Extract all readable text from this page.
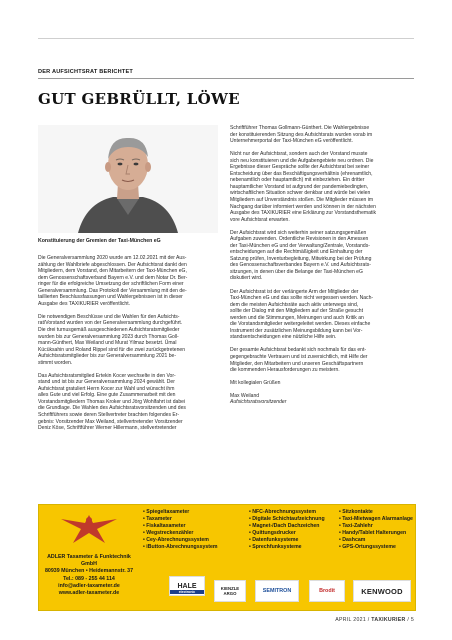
DER AUFSICHTSRAT BERICHTET
GUT GEBRÜLLT, LÖWE
Konstituierung der Gremien der Taxi-München eG

Die Generalversammlung 2020 wurde am 12.02.2021 mit der Aus-
zählung der Wahlbriefe abgeschlossen. Der Aufsichtsrat dankt den
Mitgliedern, dem Vorstand, den Mitarbeitern der Taxi-München eG,
dem Genossenschaftsverband Bayern e.V. und dem Notar Dr. Ber-
ringer für die erfolgreiche Umsetzung der schriftlichen Form einer
Generalversammlung. Das Protokoll der Versammlung mit den de-
taillierten Beschlussfassungen und Wahlergebnissen ist in dieser
Ausgabe des TAXIKURIER veröffentlicht.

Die notwendigen Beschlüsse und die Wahlen für den Aufsichts-
rat/Vorstand wurden von der Generalversammlung durchgeführt.
Die drei turnusgemäß ausgeschiedenen Aufsichtsratsmitglieder
wurden bis zur Generalversammlung 2023 durch Thomas Goll-
mann-Günthert, Max Weiland und Murat Yilmaz besetzt. Ümal
Kücüksahin und Roland Rippel sind für die zwei zurückgetretenen
Aufsichtsratsmitglieder bis zur Generalversammlung 2021 be-
stimmt worden.

Das Aufsichtsratsmitglied Ertekin Kocer wechselte in den Vor-
stand und ist bis zur Generalversammlung 2024 gewählt. Der
Aufsichtsrat gratuliert Herrn Kocer zur Wahl und wünscht ihm
alles Gute und viel Erfolg. Eine gute Zusammenarbeit mit den
Vorstandsmitgliedern Thomas Kroker und Jörg Wohlfahrt ist dabei
die Grundlage. Die Wahlen des Aufsichtsratsvorsitzenden und des
Schriftführers sowie deren Stellvertreter brachten folgendes Er-
gebnis: Vorsitzender Max Weiland, stellvertretender Vorsitzender
Deniz Köse, Schriftführer Werner Hillermann, stellvertretender

Schriftführer Thomas Gollmann-Günthert. Die Wahlergebnisse
der konstituierenden Sitzung des Aufsichtsrats wurden vorab im
Unternehmerportal der Taxi-München eG veröffentlicht.

Nicht nur der Aufsichtsrat, sondern auch der Vorstand musste
sich neu konstituieren und die Aufgabengebiete neu ordnen. Die
Ergebnisse dieser Gespräche sollte der Aufsichtsrat bei seiner
Entscheidung über das Beschäftigungsverhältnis (ehrenamtlich,
nebenamtlich oder hauptamtlich) mit einbeziehen. Ein dritter
hauptamtlicher Vorstand ist aufgrund der pandemiebedingten,
wirtschaftlichen Situation schwer denkbar und würde bei vielen
Mitgliedern auf Unverständnis stoßen. Die Mitglieder müssen im
Nachgang darüber informiert werden und können in der nächsten
Ausgabe des TAXIKURIER eine Erklärung zur Vorstandsthematik
vore Aufsichtsrat erwarten.

Der Aufsichtsrat wird sich weiterhin seiner satzungsgemäßen
Aufgaben zuwenden. Ordentliche Revisionen in den Amessen
der Taxi-München eG und der Verwaltung/Zentrale, Vorstands-
entscheidungen auf die Rechtmäßigkeit und Einhaltung der
Satzung prüfen, Inventurbegleitung, Mitwirkung bei der Prüfung
des Genossenschaftsverbandes Bayern e.V. und Aufsichtsrats-
sitzungen, in denen über die Belange der Taxi-München eG
diskutiert wird.

Der Aufsichtsrat ist der verlängerte Arm der Mitglieder der
Taxi-München eG und das sollte nicht vergessen werden. Nach-
dem die meisten Aufsichtsräte auch aktiv unterwegs sind,
sollte der Dialog mit den Mitgliedern auf der Straße gesucht
werden und die Stimmungen, Meinungen und auch Kritik an
die Vorstandsmitglieder weitergeleitet werden. Dieses einfache
Instrument der zusätzlichen Meinungsbildung kann bei Vor-
standsentscheidungen eine nützliche Hilfe sein.

Der gesamte Aufsichtsrat bedankt sich nochmals für das ent-
gegengebrachte Vertrauen und ist zuversichtlich, mit Hilfe der
Mitglieder, den Mitarbeitern und unseren Geschäftspartnern
die kommenden Herausforderungen zu meistern.

Mit kollegialen Grüßen

Max Weiland

Aufsichtsratsvorsitzender

ADLER Taxameter & Funktechnik GmbH
80939 München • Heidemannstr. 37
Tel.: 089 - 255 44 114
info@adler-taxameter.de
www.adler-taxameter.de
• Spiegeltaxameter
• Taxameter
• Fiskaltaxameter
• Wegstreckenzähler
• Cey-Abrechnungssystem
• iButton-Abrechnungssystem
• NFC-Abrechnungssystem
• Digitale Schichtaufzeichnung
• Magnet-/Dach Dachzeichen
• Quittungsdrucker
• Datenfunksysteme
• Sprechfunksysteme
• Sitzkontakte
• Taxi-Mietwagen Alarmanlage
• Taxi-Zahlehr
• Handy/Tablet Halterungen
• Dashcam
• GPS-Ortungssysteme
HALE
electronic
KIENZLE
ARGO	SEMITRON	Brodit	KENWOOD
APRIL 2021 / TAXIKURIER / 5
